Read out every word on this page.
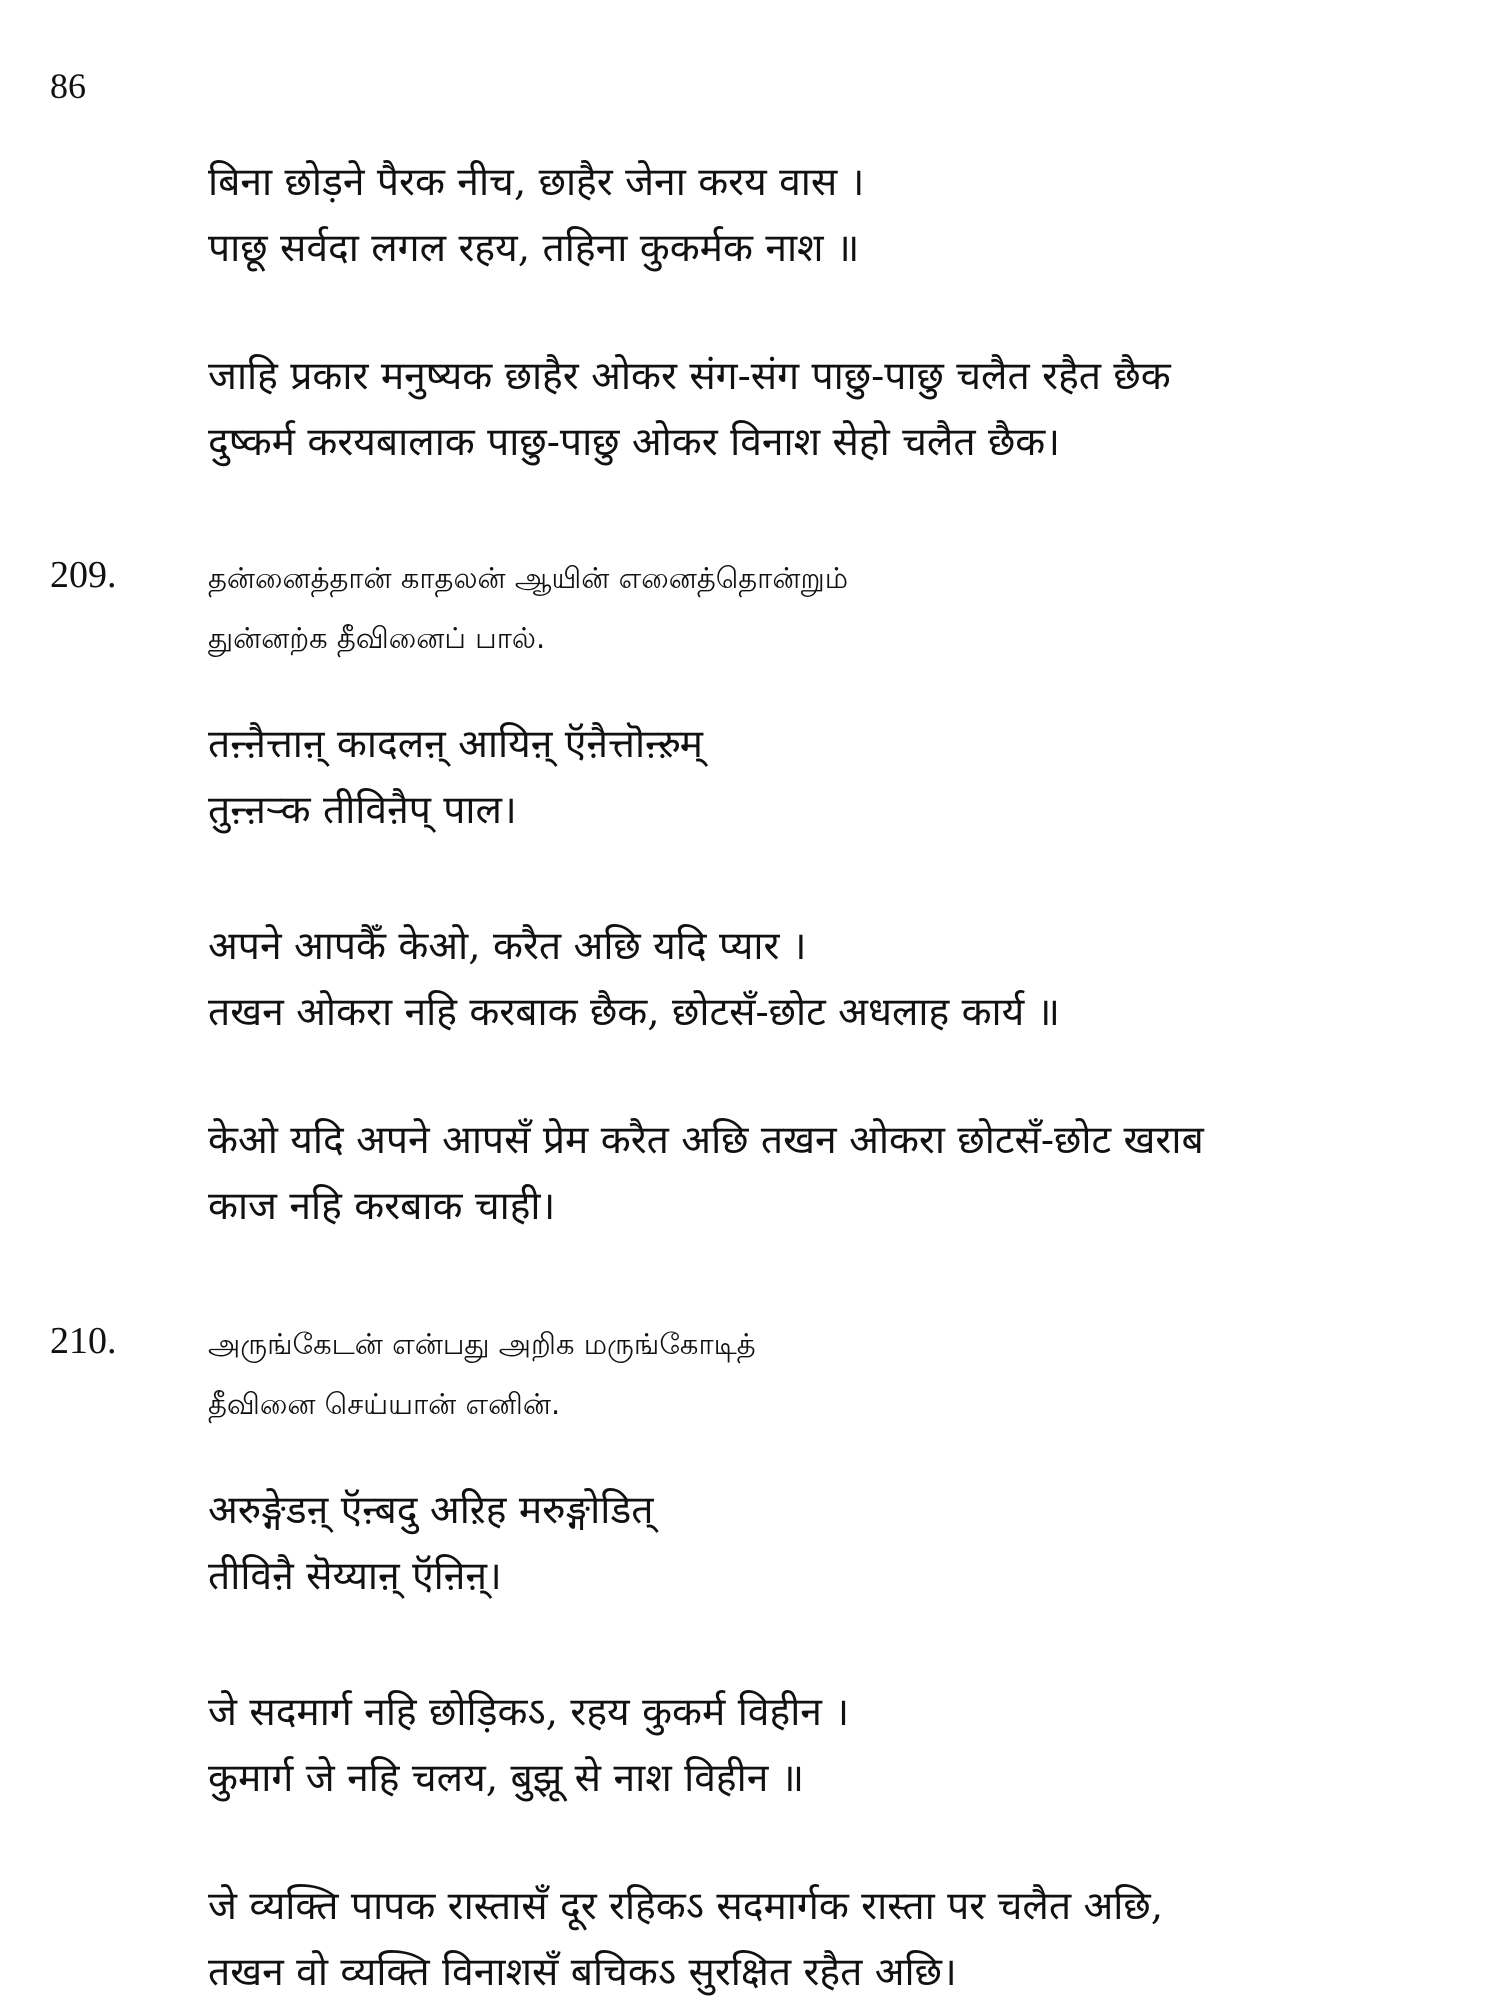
86
बिना छोड़ने पैरक नीच, छाहैर जेना करय वास ।
पाछू सर्वदा लगल रहय, तहिना कुकर्मक नाश ॥
जाहि प्रकार मनुष्यक छाहैर ओकर संग-संग पाछु-पाछु चलैत रहैत छैक
दुष्कर्म करयबालाक पाछु-पाछु ओकर विनाश सेहो चलैत छैक।
209.	தன்னைத்தான் காதலன் ஆயின் எனைத்தொன்றும்
துன்னற்க தீவினைப் பால்.
तऩ्ऩैत्ताऩ् कादलऩ् आयिऩ् ऍऩैत्तॊऩ्ऱुम्
तुऩ्ऩऱ्क तीविऩैप् पाल।
अपने आपकैँ केओ, करैत अछि यदि प्यार ।
तखन ओकरा नहि करबाक छैक, छोटसँ-छोट अधलाह कार्य ॥
केओ यदि अपने आपसँ प्रेम करैत अछि तखन ओकरा छोटसँ-छोट खराब
काज नहि करबाक चाही।
210.	அருங்கேடன் என்பது அறிக மருங்கோடித்
தீவினை செய்யான் எனின்.
अरुङ्गेडऩ् ऍऩ्बदु अऱिह मरुङ्गोडित्
तीविऩै सॆय्याऩ् ऍऩिऩ्।
जे सदमार्ग नहि छोड़िकऽ, रहय कुकर्म विहीन ।
कुमार्ग जे नहि चलय, बुझू से नाश विहीन ॥
जे व्यक्ति पापक रास्तासँ दूर रहिकऽ सदमार्गक रास्ता पर चलैत अछि,
तखन वो व्यक्ति विनाशसँ बचिकऽ सुरक्षित रहैत अछि।
